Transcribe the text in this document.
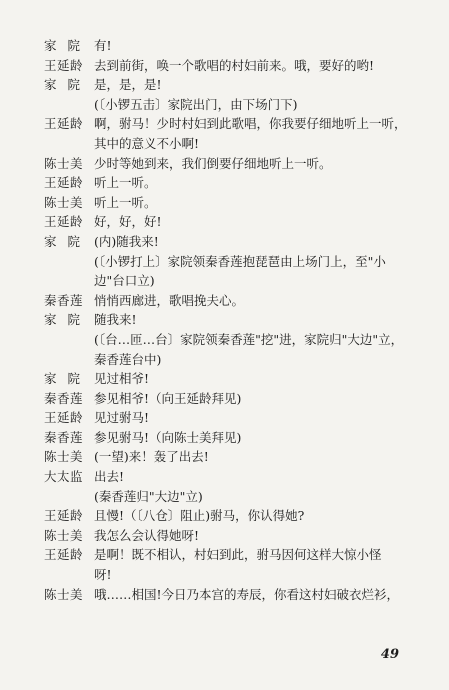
家院 有!
王延龄 去到前街，唤一个歌唱的村妇前来。哦，要好的哟!
家院 是，是，是!
(〔小锣五击〕家院出门，由下场门下)
王延龄 啊，驸马！少时村妇到此歌唱，你我要仔细地听上一听，
其中的意义不小啊!
陈士美 少时等她到来，我们倒要仔细地听上一听。
王延龄 听上一听。
陈士美 听上一听。
王延龄 好，好，好!
家院 (内)随我来!
(〔小锣打上〕家院领秦香莲抱琵琶由上场门上，至"小
边"台口立)
秦香莲 悄悄西廊进，歌唱挽夫心。
家院 随我来!
(〔台…匝…台〕家院领秦香莲"挖"进，家院归"大边"立，
秦香莲台中)
家院 见过相爷!
秦香莲 参见相爷!（向王延龄拜见)
王延龄 见过驸马!
秦香莲 参见驸马!（向陈士美拜见)
陈士美 (一望)来！轰了出去!
大太监 出去!
(秦香莲归"大边"立)
王延龄 且慢!（〔八仓〕阻止)驸马，你认得她?
陈士美 我怎么会认得她呀!
王延龄 是啊！既不相认，村妇到此，驸马因何这样大惊小怪
呀!
陈士美 哦……相国!今日乃本宫的寿辰，你看这村妇破衣烂衫，
49
